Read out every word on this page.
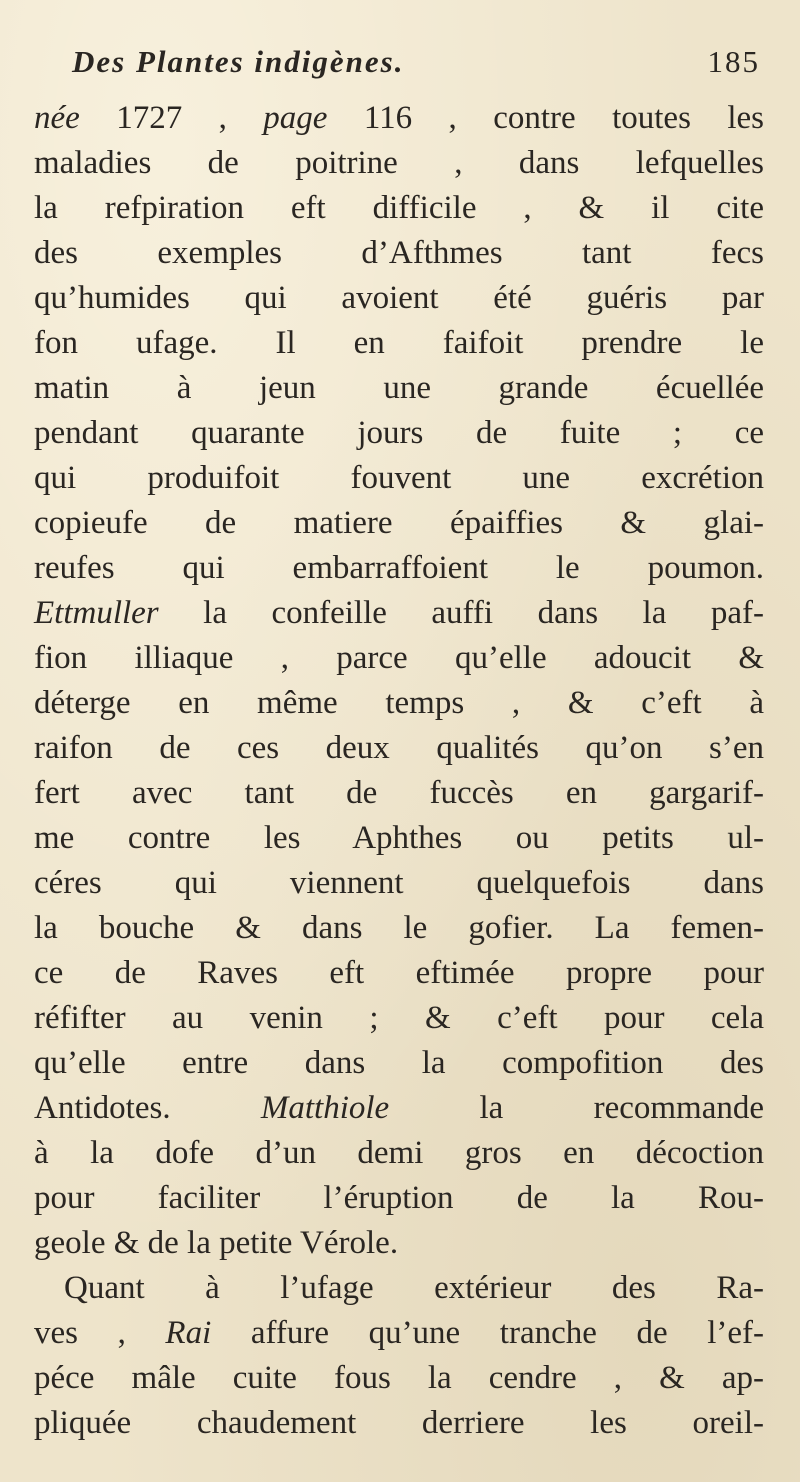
Des Plantes indigènes.	185
née 1727 , page 116 , contre toutes les
maladies de poitrine , dans lefquelles
la refpiration eft difficile , & il cite
des exemples d’Afthmes tant fecs
qu’humides qui avoient été guéris par
fon ufage. Il en faifoit prendre le
matin à jeun une grande écuellée
pendant quarante jours de fuite ; ce
qui produifoit fouvent une excrétion
copieufe de matiere épaiffies & glai-
reufes qui embarraffoient le poumon.
Ettmuller la confeille auffi dans la paf-
fion illiaque , parce qu’elle adoucit &
déterge en même temps , & c’eft à
raifon de ces deux qualités qu’on s’en
fert avec tant de fuccès en gargarif-
me contre les Aphthes ou petits ul-
céres qui viennent quelquefois dans
la bouche & dans le gofier. La femen-
ce de Raves eft eftimée propre pour
réfifter au venin ; & c’eft pour cela
qu’elle entre dans la compofition des
Antidotes. Matthiole la recommande
à la dofe d’un demi gros en décoction
pour faciliter l’éruption de la Rou-
geole & de la petite Vérole.
Quant à l’ufage extérieur des Ra-
ves , Rai affure qu’une tranche de l’ef-
péce mâle cuite fous la cendre , & ap-
pliquée chaudement derriere les oreil-
